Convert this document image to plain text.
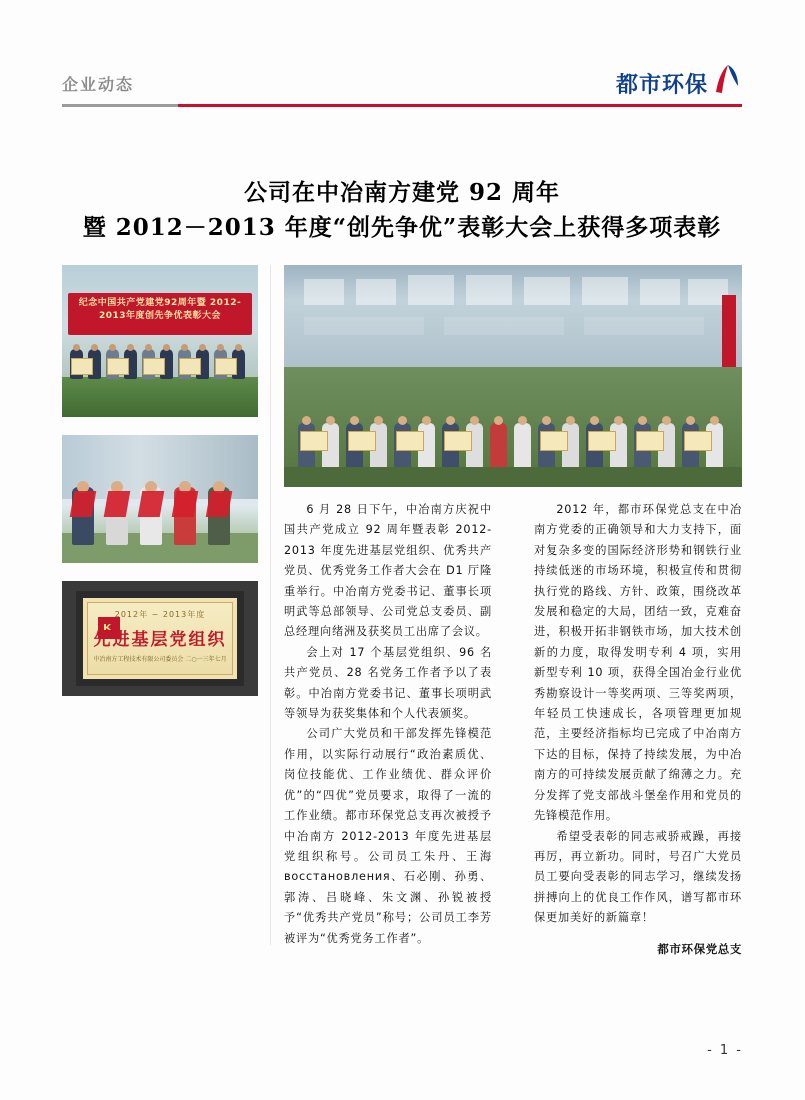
企业动态	都市环保
公司在中冶南方建党 92 周年
暨 2012－2013 年度“创先争优”表彰大会上获得多项表彰
纪念中国共产党建党92周年暨 2012-2013年度创先争优表彰大会
2012年 ~ 2013年度
先进基层党组织
中冶南方工程技术有限公司委员会 二○一三年七月

6 月 28 日下午，中冶南方庆祝中国共产党成立 92 周年暨表彰 2012-2013 年度先进基层党组织、优秀共产党员、优秀党务工作者大会在 D1 厅隆重举行。中冶南方党委书记、董事长项明武等总部领导、公司党总支委员、副总经理向绪洲及获奖员工出席了会议。

会上对 17 个基层党组织、96 名共产党员、28 名党务工作者予以了表彰。中冶南方党委书记、董事长项明武等领导为获奖集体和个人代表颁奖。

公司广大党员和干部发挥先锋模范作用，以实际行动展行“政治素质优、岗位技能优、工作业绩优、群众评价优”的“四优”党员要求，取得了一流的工作业绩。都市环保党总支再次被授予中冶南方 2012-2013 年度先进基层党组织称号。公司员工朱丹、王海восстановления、石必刚、孙勇、郭涛、吕晓峰、朱文渊、孙锐被授予“优秀共产党员”称号；公司员工李芳被评为“优秀党务工作者”。

2012 年，都市环保党总支在中冶南方党委的正确领导和大力支持下，面对复杂多变的国际经济形势和钢铁行业持续低迷的市场环境，积极宣传和贯彻执行党的路线、方针、政策，围绕改革发展和稳定的大局，团结一致，克难奋进，积极开拓非钢铁市场，加大技术创新的力度，取得发明专利 4 项，实用新型专利 10 项，获得全国冶金行业优秀勘察设计一等奖两项、三等奖两项，年轻员工快速成长，各项管理更加规范，主要经济指标均已完成了中冶南方下达的目标，保持了持续发展，为中冶南方的可持续发展贡献了绵薄之力。充分发挥了党支部战斗堡垒作用和党员的先锋模范作用。

希望受表彰的同志戒骄戒躁，再接再厉，再立新功。同时，号召广大党员员工要向受表彰的同志学习，继续发扬拼搏向上的优良工作作风，谱写都市环保更加美好的新篇章！

都市环保党总支
- 1 -
